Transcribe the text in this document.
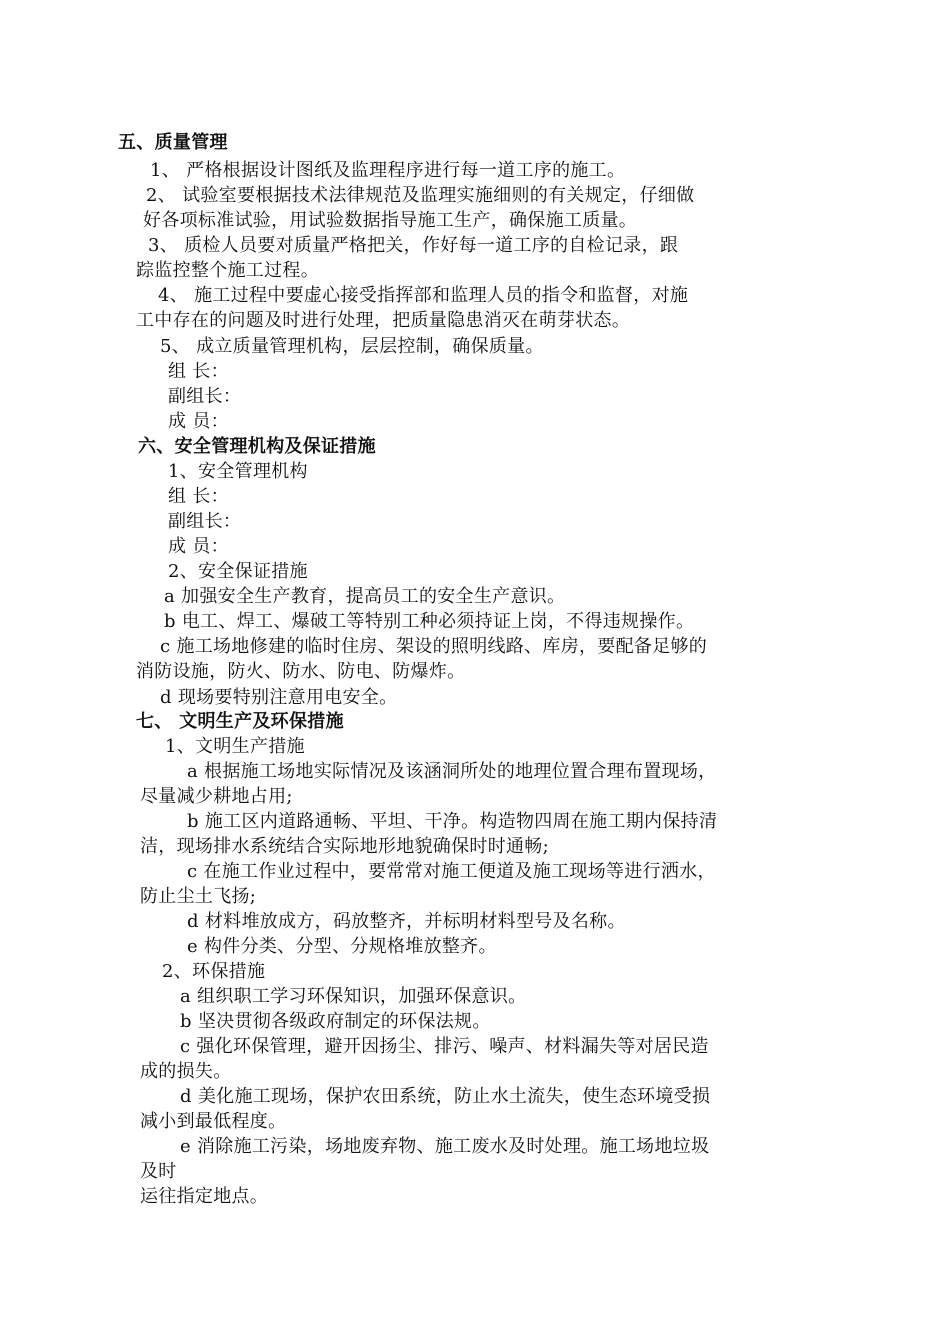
五、质量管理
1、 严格根据设计图纸及监理程序进行每一道工序的施工。
2、 试验室要根据技术法律规范及监理实施细则的有关规定，仔细做
好各项标准试验，用试验数据指导施工生产，确保施工质量。
3、 质检人员要对质量严格把关，作好每一道工序的自检记录，跟
踪监控整个施工过程。
4、 施工过程中要虚心接受指挥部和监理人员的指令和监督，对施
工中存在的问题及时进行处理，把质量隐患消灭在萌芽状态。
5、 成立质量管理机构，层层控制，确保质量。
组 长：
副组长：
成 员：
六、安全管理机构及保证措施
1、安全管理机构
组 长：
副组长：
成 员：
2、安全保证措施
a 加强安全生产教育，提高员工的安全生产意识。
b 电工、焊工、爆破工等特别工种必须持证上岗，不得违规操作。
c 施工场地修建的临时住房、架设的照明线路、库房，要配备足够的
消防设施，防火、防水、防电、防爆炸。
d 现场要特别注意用电安全。
七、 文明生产及环保措施
1、文明生产措施
a 根据施工场地实际情况及该涵洞所处的地理位置合理布置现场，
尽量减少耕地占用;
b 施工区内道路通畅、平坦、干净。构造物四周在施工期内保持清
洁，现场排水系统结合实际地形地貌确保时时通畅;
c 在施工作业过程中，要常常对施工便道及施工现场等进行洒水，
防止尘土飞扬;
d 材料堆放成方，码放整齐，并标明材料型号及名称。
e 构件分类、分型、分规格堆放整齐。
2、环保措施
a 组织职工学习环保知识，加强环保意识。
b 坚决贯彻各级政府制定的环保法规。
c 强化环保管理，避开因扬尘、排污、噪声、材料漏失等对居民造
成的损失。
d 美化施工现场，保护农田系统，防止水土流失，使生态环境受损
减小到最低程度。
e 消除施工污染，场地废弃物、施工废水及时处理。施工场地垃圾
及时
运往指定地点。
